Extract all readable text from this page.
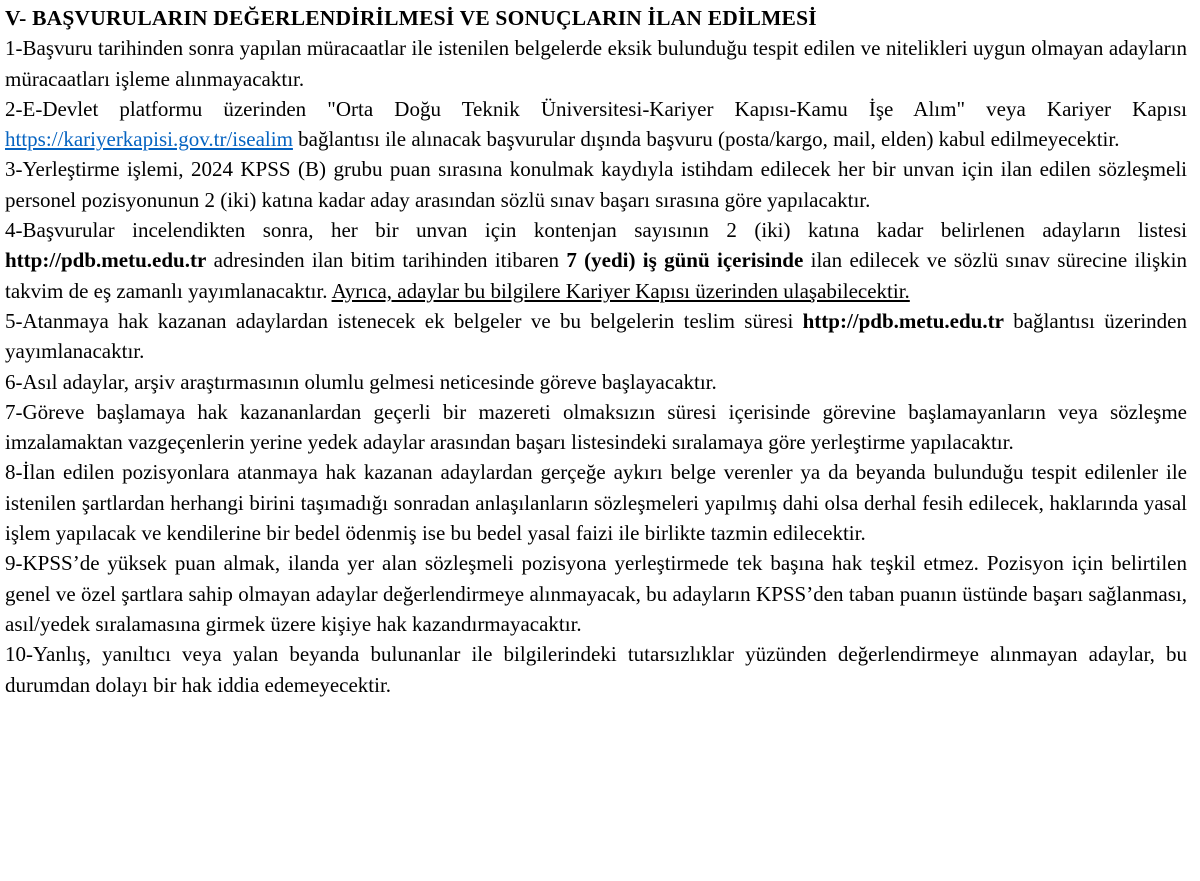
V- BAŞVURULARIN DEĞERLENDİRİLMESİ VE SONUÇLARIN İLAN EDİLMESİ

1-Başvuru tarihinden sonra yapılan müracaatlar ile istenilen belgelerde eksik bulunduğu tespit edilen ve nitelikleri uygun olmayan adayların müracaatları işleme alınmayacaktır.

2-E-Devlet platformu üzerinden "Orta Doğu Teknik Üniversitesi-Kariyer Kapısı-Kamu İşe Alım" veya Kariyer Kapısı https://kariyerkapisi.gov.tr/isealim bağlantısı ile alınacak başvurular dışında başvuru (posta/kargo, mail, elden) kabul edilmeyecektir.

3-Yerleştirme işlemi, 2024 KPSS (B) grubu puan sırasına konulmak kaydıyla istihdam edilecek her bir unvan için ilan edilen sözleşmeli personel pozisyonunun 2 (iki) katına kadar aday arasından sözlü sınav başarı sırasına göre yapılacaktır.

4-Başvurular incelendikten sonra, her bir unvan için kontenjan sayısının 2 (iki) katına kadar belirlenen adayların listesi http://pdb.metu.edu.tr adresinden ilan bitim tarihinden itibaren 7 (yedi) iş günü içerisinde ilan edilecek ve sözlü sınav sürecine ilişkin takvim de eş zamanlı yayımlanacaktır. Ayrıca, adaylar bu bilgilere Kariyer Kapısı üzerinden ulaşabilecektir.

5-Atanmaya hak kazanan adaylardan istenecek ek belgeler ve bu belgelerin teslim süresi http://pdb.metu.edu.tr bağlantısı üzerinden yayımlanacaktır.

6-Asıl adaylar, arşiv araştırmasının olumlu gelmesi neticesinde göreve başlayacaktır.

7-Göreve başlamaya hak kazananlardan geçerli bir mazereti olmaksızın süresi içerisinde görevine başlamayanların veya sözleşme imzalamaktan vazgeçenlerin yerine yedek adaylar arasından başarı listesindeki sıralamaya göre yerleştirme yapılacaktır.

8-İlan edilen pozisyonlara atanmaya hak kazanan adaylardan gerçeğe aykırı belge verenler ya da beyanda bulunduğu tespit edilenler ile istenilen şartlardan herhangi birini taşımadığı sonradan anlaşılanların sözleşmeleri yapılmış dahi olsa derhal fesih edilecek, haklarında yasal işlem yapılacak ve kendilerine bir bedel ödenmiş ise bu bedel yasal faizi ile birlikte tazmin edilecektir.

9-KPSS’de yüksek puan almak, ilanda yer alan sözleşmeli pozisyona yerleştirmede tek başına hak teşkil etmez. Pozisyon için belirtilen genel ve özel şartlara sahip olmayan adaylar değerlendirmeye alınmayacak, bu adayların KPSS’den taban puanın üstünde başarı sağlanması, asıl/yedek sıralamasına girmek üzere kişiye hak kazandırmayacaktır.

10-Yanlış, yanıltıcı veya yalan beyanda bulunanlar ile bilgilerindeki tutarsızlıklar yüzünden değerlendirmeye alınmayan adaylar, bu durumdan dolayı bir hak iddia edemeyecektir.
